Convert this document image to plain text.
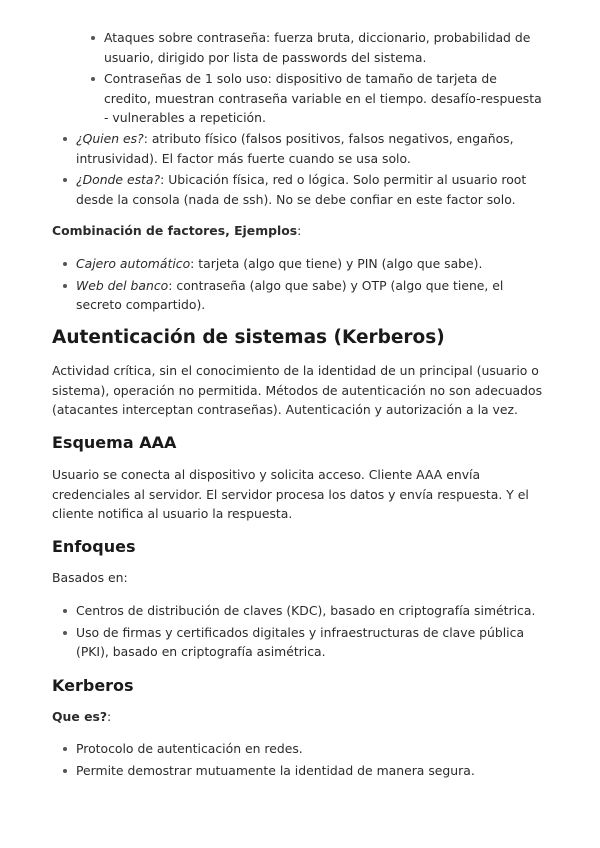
Ataques sobre contraseña: fuerza bruta, diccionario, probabilidad de usuario, dirigido por lista de passwords del sistema.
Contraseñas de 1 solo uso: dispositivo de tamaño de tarjeta de credito, muestran contraseña variable en el tiempo. desafío-respuesta - vulnerables a repetición.
¿Quien es?: atributo físico (falsos positivos, falsos negativos, engaños, intrusividad). El factor más fuerte cuando se usa solo.
¿Donde esta?: Ubicación física, red o lógica. Solo permitir al usuario root desde la consola (nada de ssh). No se debe confiar en este factor solo.
Combinación de factores, Ejemplos:
Cajero automático: tarjeta (algo que tiene) y PIN (algo que sabe).
Web del banco: contraseña (algo que sabe) y OTP (algo que tiene, el secreto compartido).
Autenticación de sistemas (Kerberos)
Actividad crítica, sin el conocimiento de la identidad de un principal (usuario o sistema), operación no permitida. Métodos de autenticación no son adecuados (atacantes interceptan contraseñas). Autenticación y autorización a la vez.
Esquema AAA
Usuario se conecta al dispositivo y solicita acceso. Cliente AAA envía credenciales al servidor. El servidor procesa los datos y envía respuesta. Y el cliente notifica al usuario la respuesta.
Enfoques
Basados en:
Centros de distribución de claves (KDC), basado en criptografía simétrica.
Uso de firmas y certificados digitales y infraestructuras de clave pública (PKI), basado en criptografía asimétrica.
Kerberos
Que es?:
Protocolo de autenticación en redes.
Permite demostrar mutuamente la identidad de manera segura.
